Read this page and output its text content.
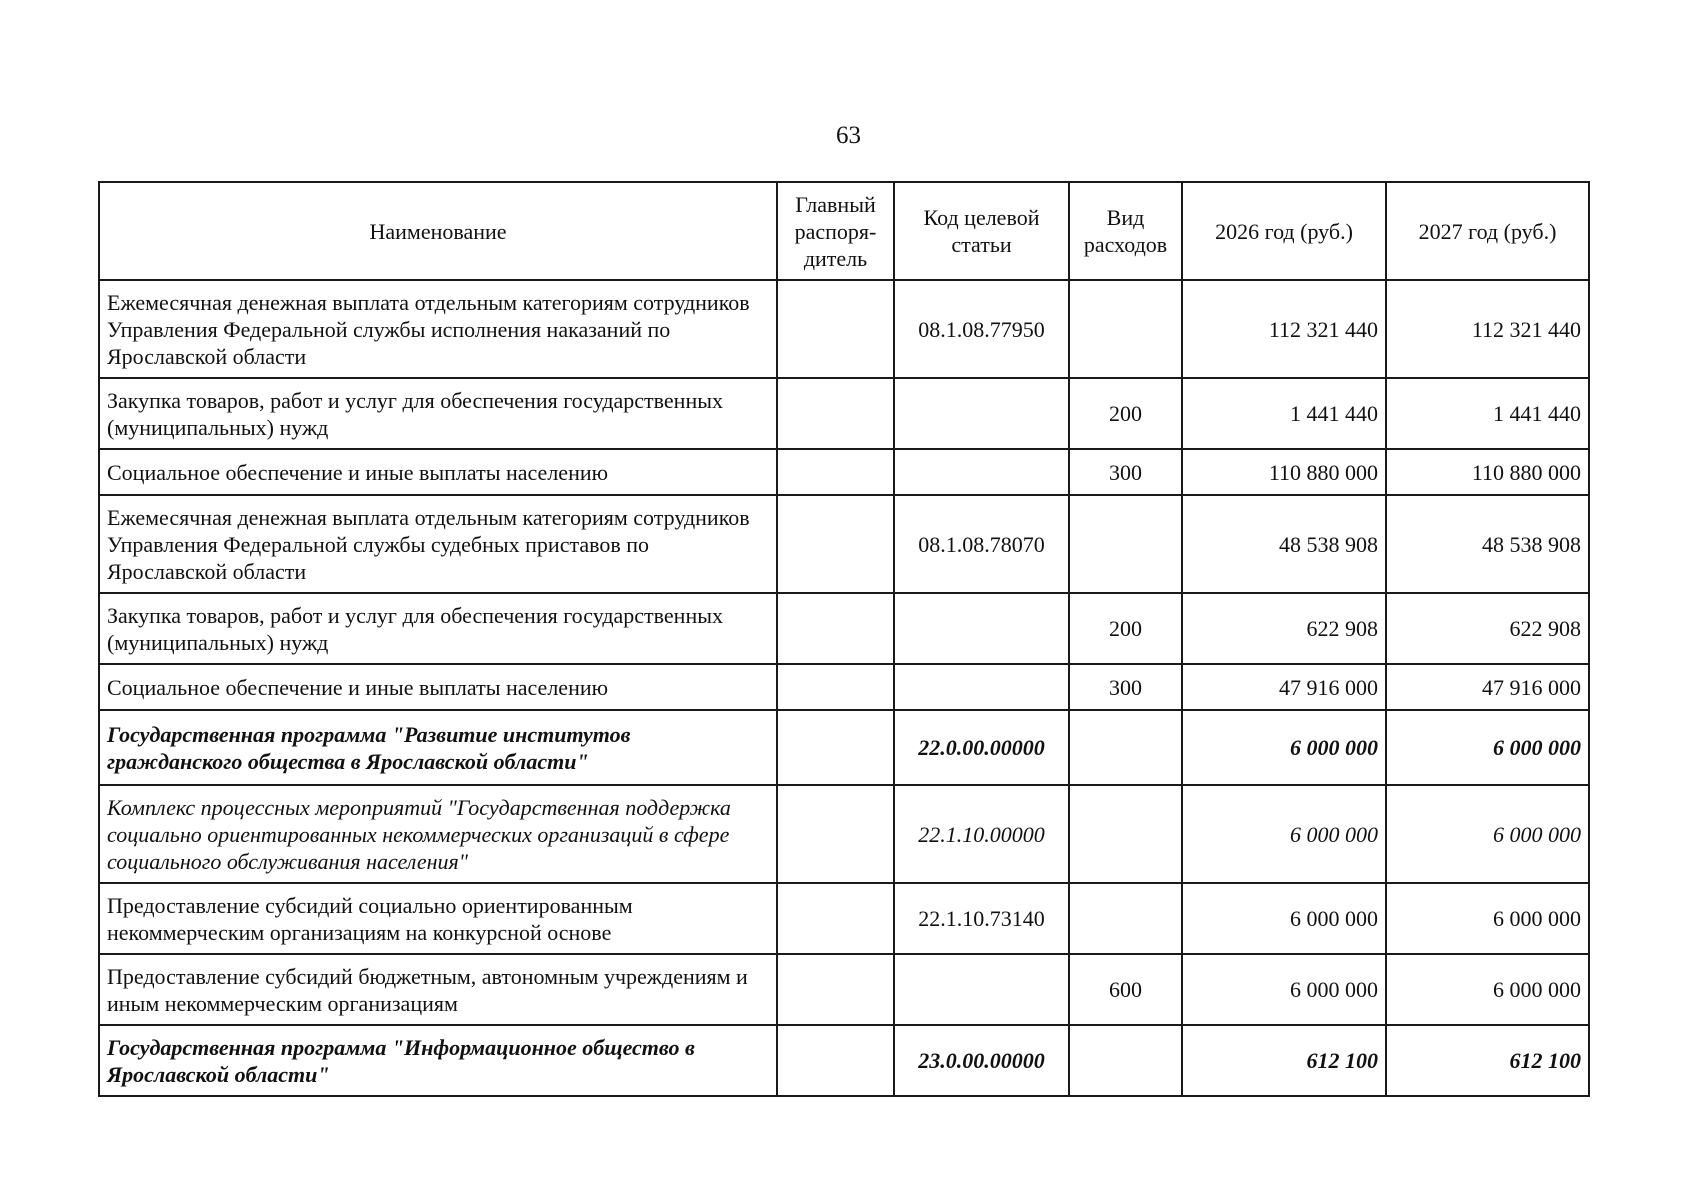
63
Наименование	Главный распоря-дитель	Код целевой статьи	Вид расходов	2026 год (руб.)	2027 год (руб.)
Ежемесячная денежная выплата отдельным категориям сотрудников Управления Федеральной службы исполнения наказаний по Ярославской области		08.1.08.77950		112 321 440	112 321 440
Закупка товаров, работ и услуг для обеспечения государственных (муниципальных) нужд			200	1 441 440	1 441 440
Социальное обеспечение и иные выплаты населению			300	110 880 000	110 880 000
Ежемесячная денежная выплата отдельным категориям сотрудников Управления Федеральной службы судебных приставов по Ярославской области		08.1.08.78070		48 538 908	48 538 908
Закупка товаров, работ и услуг для обеспечения государственных (муниципальных) нужд			200	622 908	622 908
Социальное обеспечение и иные выплаты населению			300	47 916 000	47 916 000
Государственная программа "Развитие институтов гражданского общества в Ярославской области"		22.0.00.00000		6 000 000	6 000 000
Комплекс процессных мероприятий "Государственная поддержка социально ориентированных некоммерческих организаций в сфере социального обслуживания населения"		22.1.10.00000		6 000 000	6 000 000
Предоставление субсидий социально ориентированным некоммерческим организациям на конкурсной основе		22.1.10.73140		6 000 000	6 000 000
Предоставление субсидий бюджетным, автономным учреждениям и иным некоммерческим организациям			600	6 000 000	6 000 000
Государственная программа "Информационное общество в Ярославской области"		23.0.00.00000		612 100	612 100
